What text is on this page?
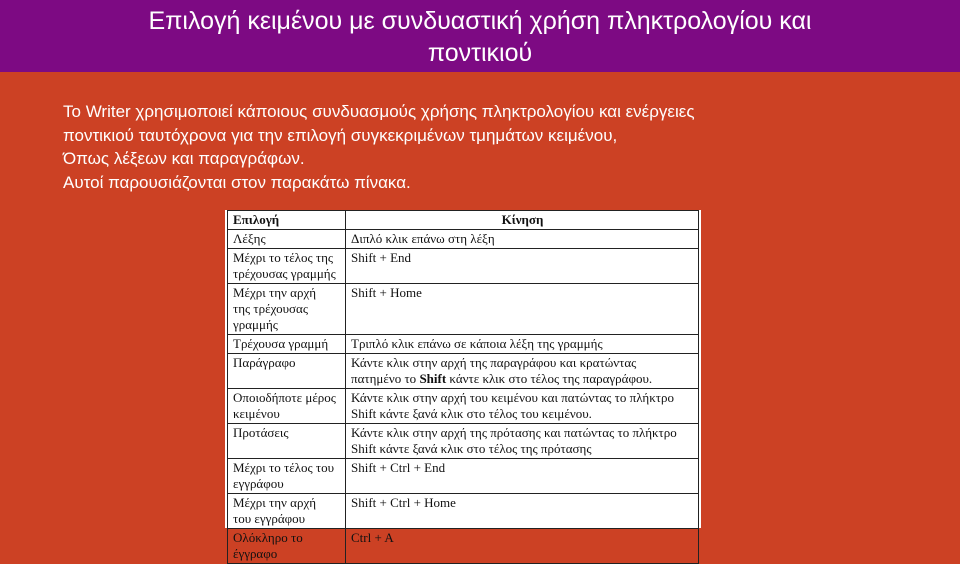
Επιλογή κειμένου με συνδυαστική χρήση πληκτρολογίου και
ποντικιού
Το Writer χρησιμοποιεί κάποιους συνδυασμούς χρήσης πληκτρολογίου και ενέργειες
ποντικιού ταυτόχρονα για την επιλογή συγκεκριμένων τμημάτων κειμένου,
Όπως λέξεων και παραγράφων.
Αυτοί παρουσιάζονται στον παρακάτω πίνακα.
Επιλογή	Κίνηση

Λέξης	Διπλό κλικ επάνω στη λέξη

Μέχρι το τέλος της
τρέχουσας γραμμής	Shift + End

Μέχρι την αρχή
της τρέχουσας
γραμμής	Shift + Home

Τρέχουσα γραμμή	Τριπλό κλικ επάνω σε κάποια λέξη της γραμμής

Παράγραφο	Κάντε κλικ στην αρχή της παραγράφου και κρατώντας
πατημένο το Shift κάντε κλικ στο τέλος της παραγράφου.

Οποιοδήποτε μέρος
κειμένου	Κάντε κλικ στην αρχή του κειμένου και πατώντας το πλήκτρο
Shift κάντε ξανά κλικ στο τέλος του κειμένου.

Προτάσεις	Κάντε κλικ στην αρχή της πρότασης και πατώντας το πλήκτρο
Shift κάντε ξανά κλικ στο τέλος της πρότασης

Μέχρι το τέλος του
εγγράφου	Shift + Ctrl + End

Μέχρι την αρχή
του εγγράφου	Shift + Ctrl + Home

Ολόκληρο το
έγγραφο	Ctrl + A
